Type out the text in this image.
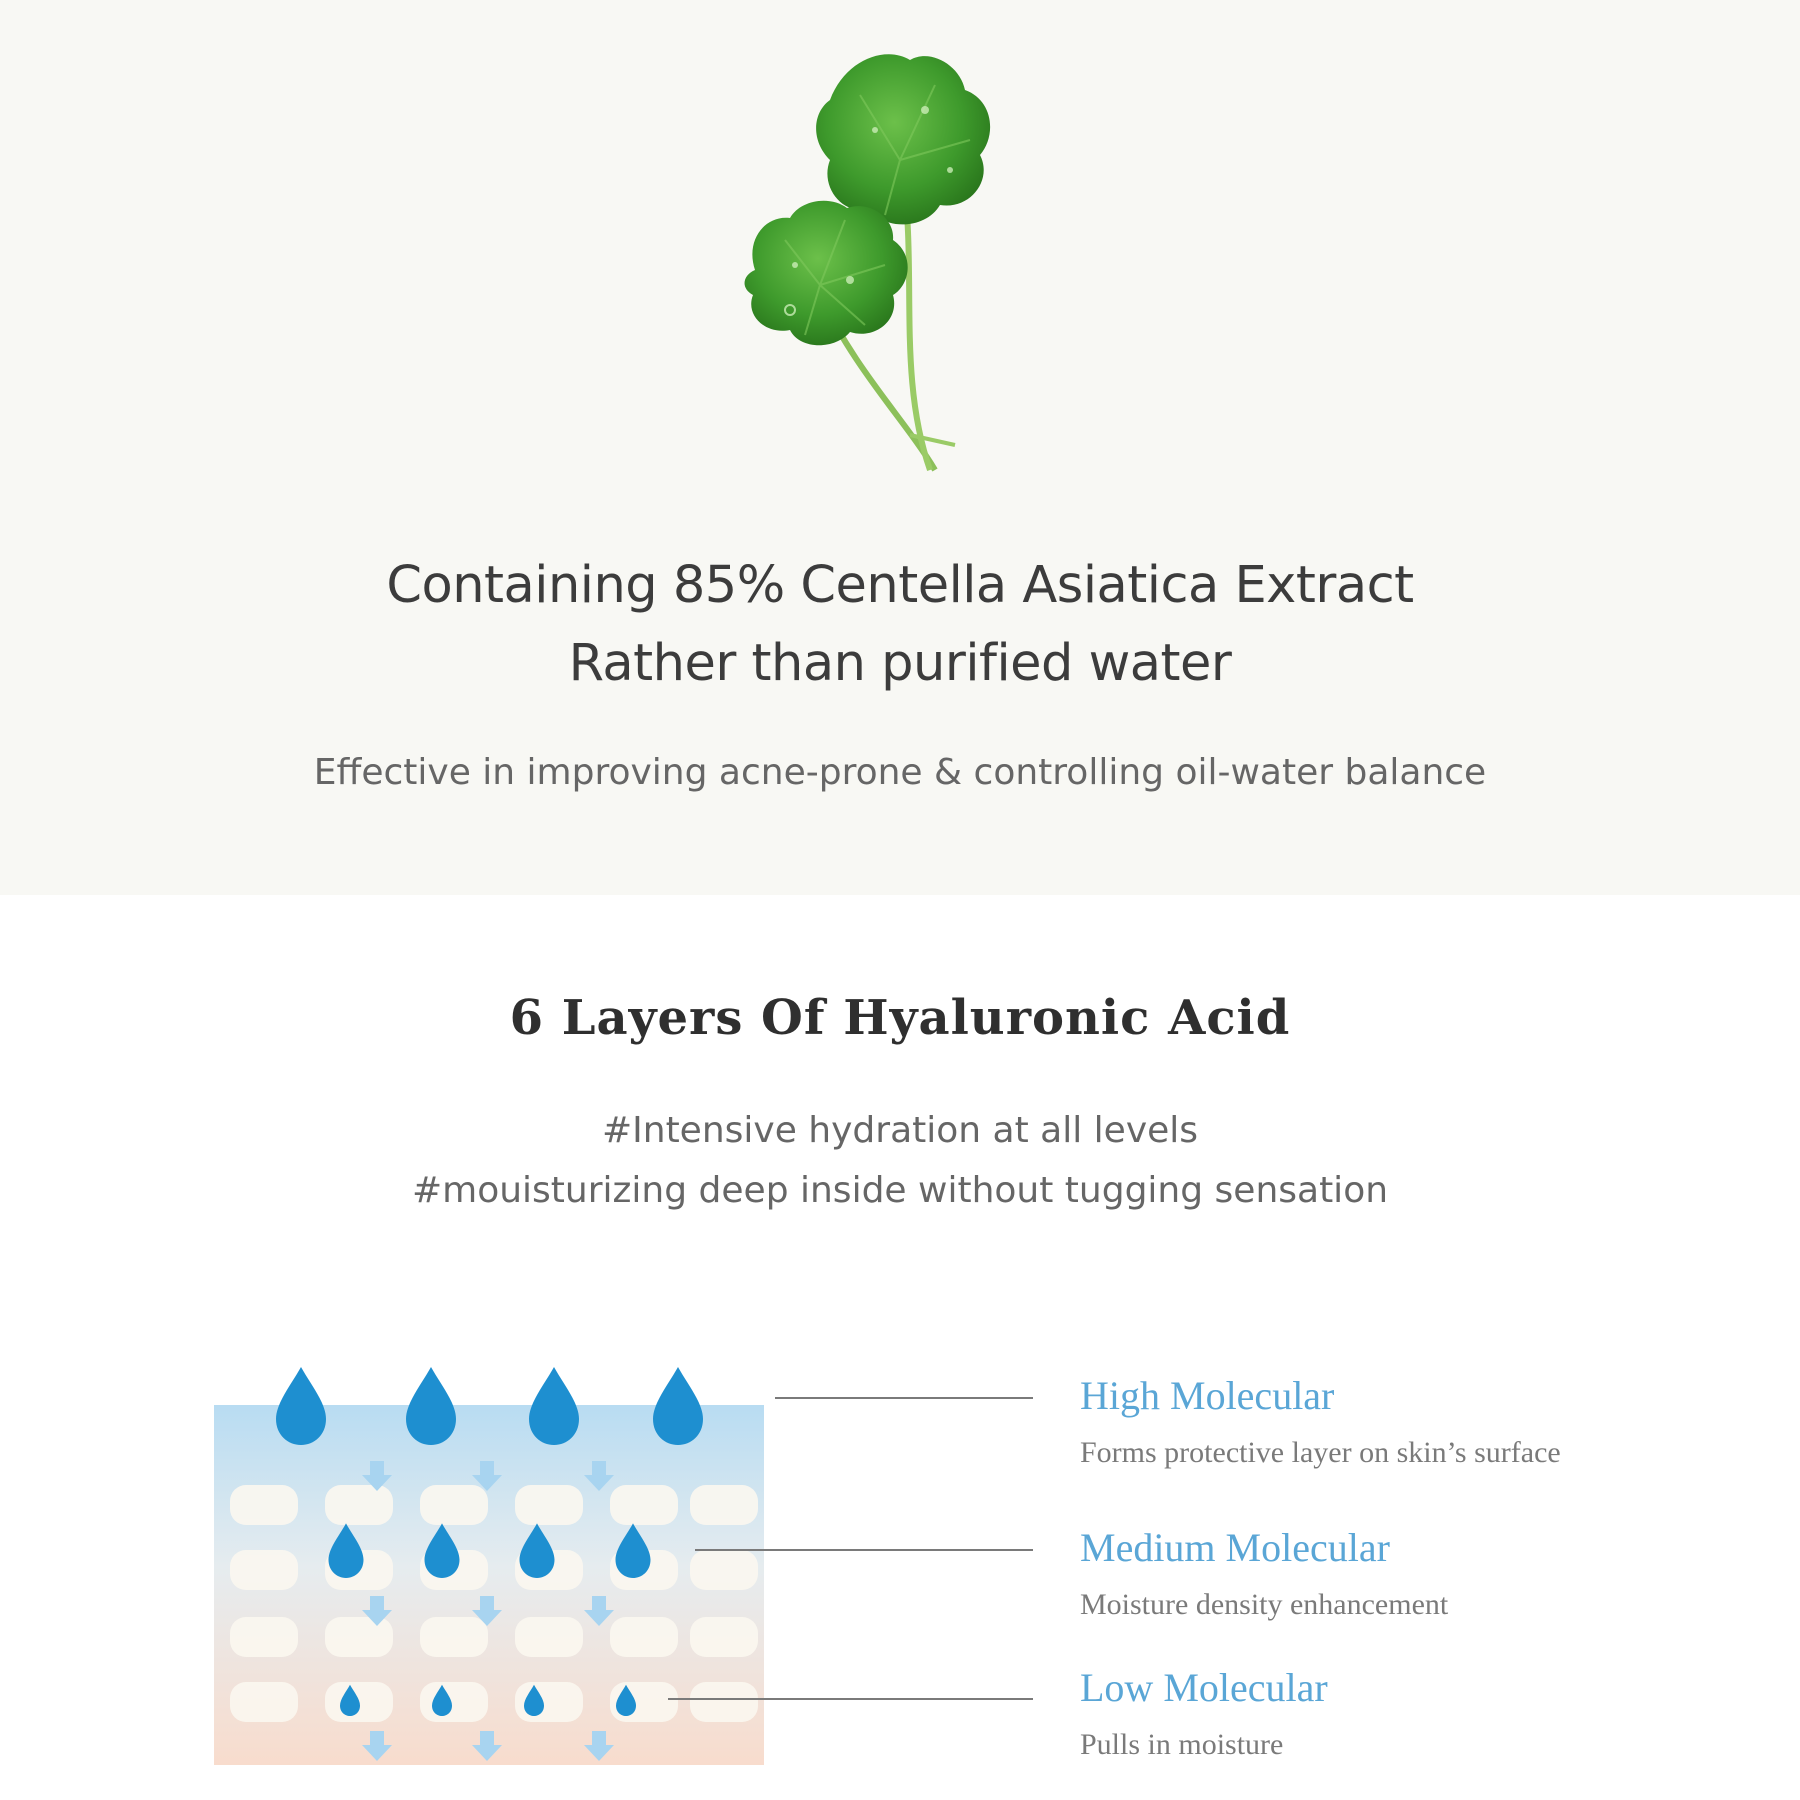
Containing 85% Centella Asiatica Extract
Rather than purified water
Effective in improving acne-prone & controlling oil-water balance
6 Layers Of Hyaluronic Acid
#Intensive hydration at all levels
#mouisturizing deep inside without tugging sensation
High Molecular
Forms protective layer on skin’s surface
Medium Molecular
Moisture density enhancement
Low Molecular
Pulls in moisture
